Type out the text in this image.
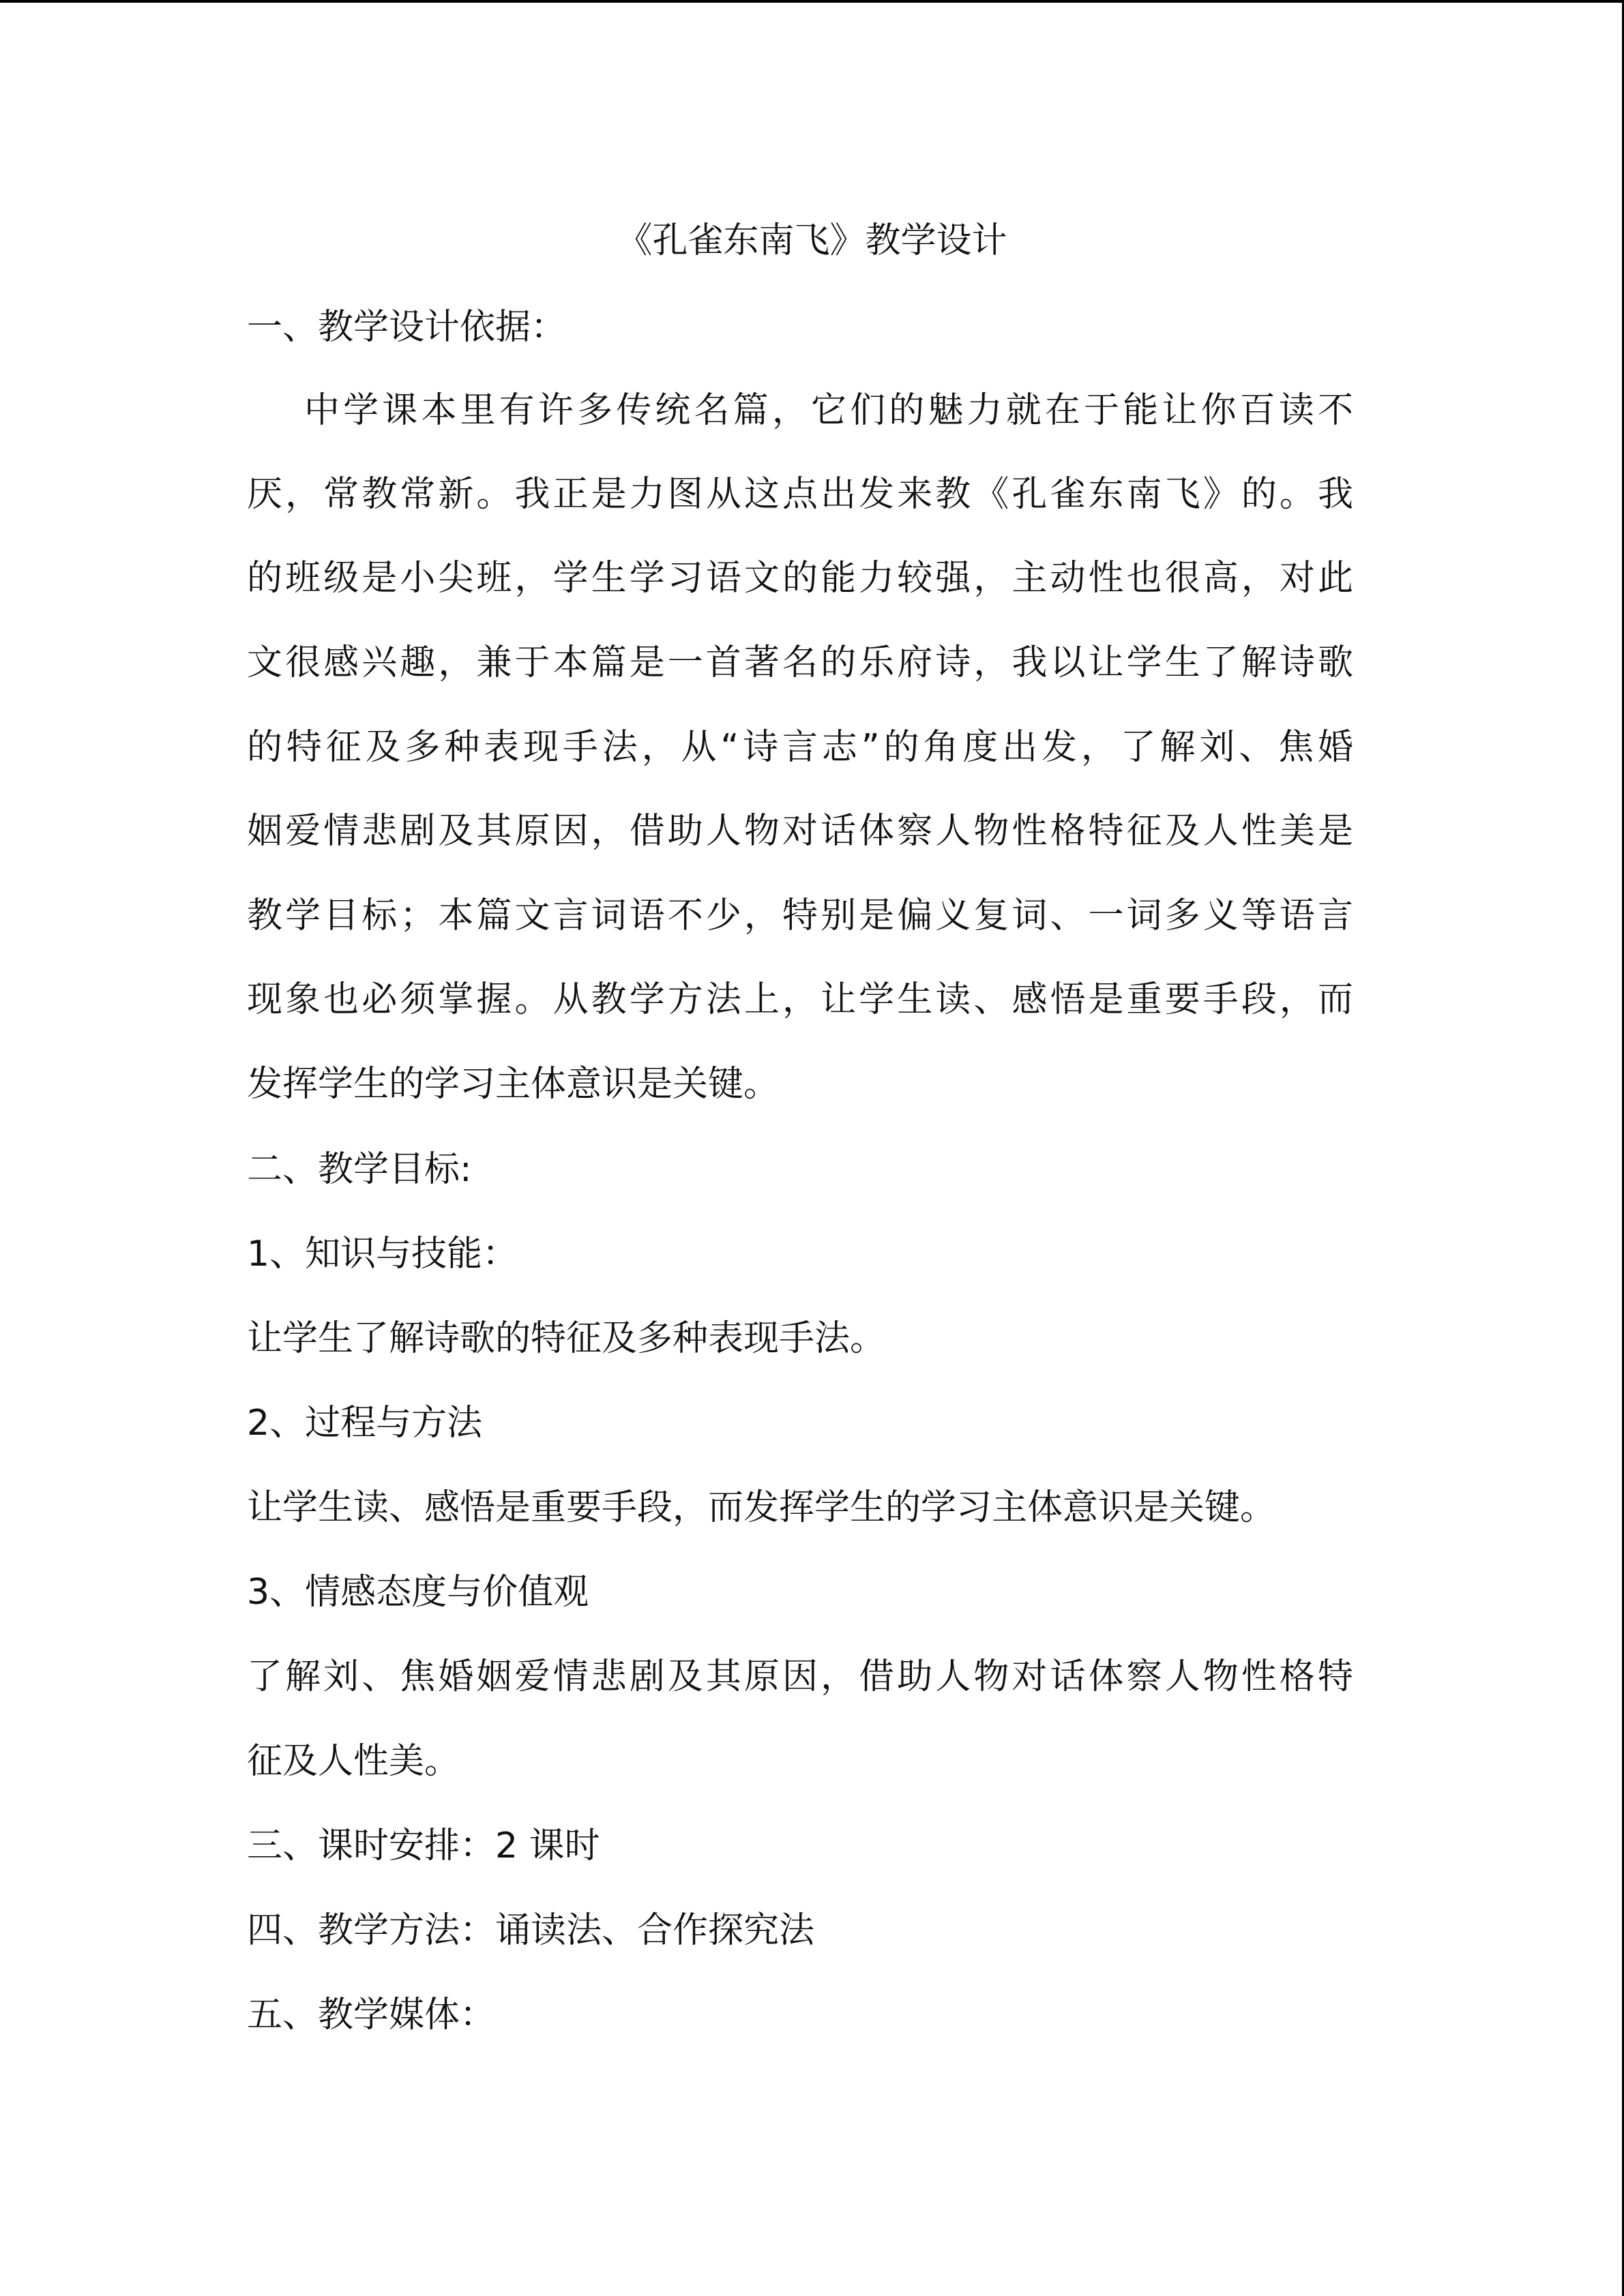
《孔雀东南飞》教学设计
一、教学设计依据：
中学课本里有许多传统名篇，它们的魅力就在于能让你百读不
厌，常教常新。我正是力图从这点出发来教《孔雀东南飞》的。我
的班级是小尖班，学生学习语文的能力较强，主动性也很高，对此
文很感兴趣，兼于本篇是一首著名的乐府诗，我以让学生了解诗歌
的特征及多种表现手法，从“诗言志”的角度出发，了解刘、焦婚
姻爱情悲剧及其原因，借助人物对话体察人物性格特征及人性美是
教学目标；本篇文言词语不少，特别是偏义复词、一词多义等语言
现象也必须掌握。从教学方法上，让学生读、感悟是重要手段，而
发挥学生的学习主体意识是关键。
二、教学目标:
1、知识与技能：
让学生了解诗歌的特征及多种表现手法。
2、过程与方法
让学生读、感悟是重要手段，而发挥学生的学习主体意识是关键。
3、情感态度与价值观
了解刘、焦婚姻爱情悲剧及其原因，借助人物对话体察人物性格特
征及人性美。
三、课时安排：2 课时
四、教学方法：诵读法、合作探究法
五、教学媒体：
